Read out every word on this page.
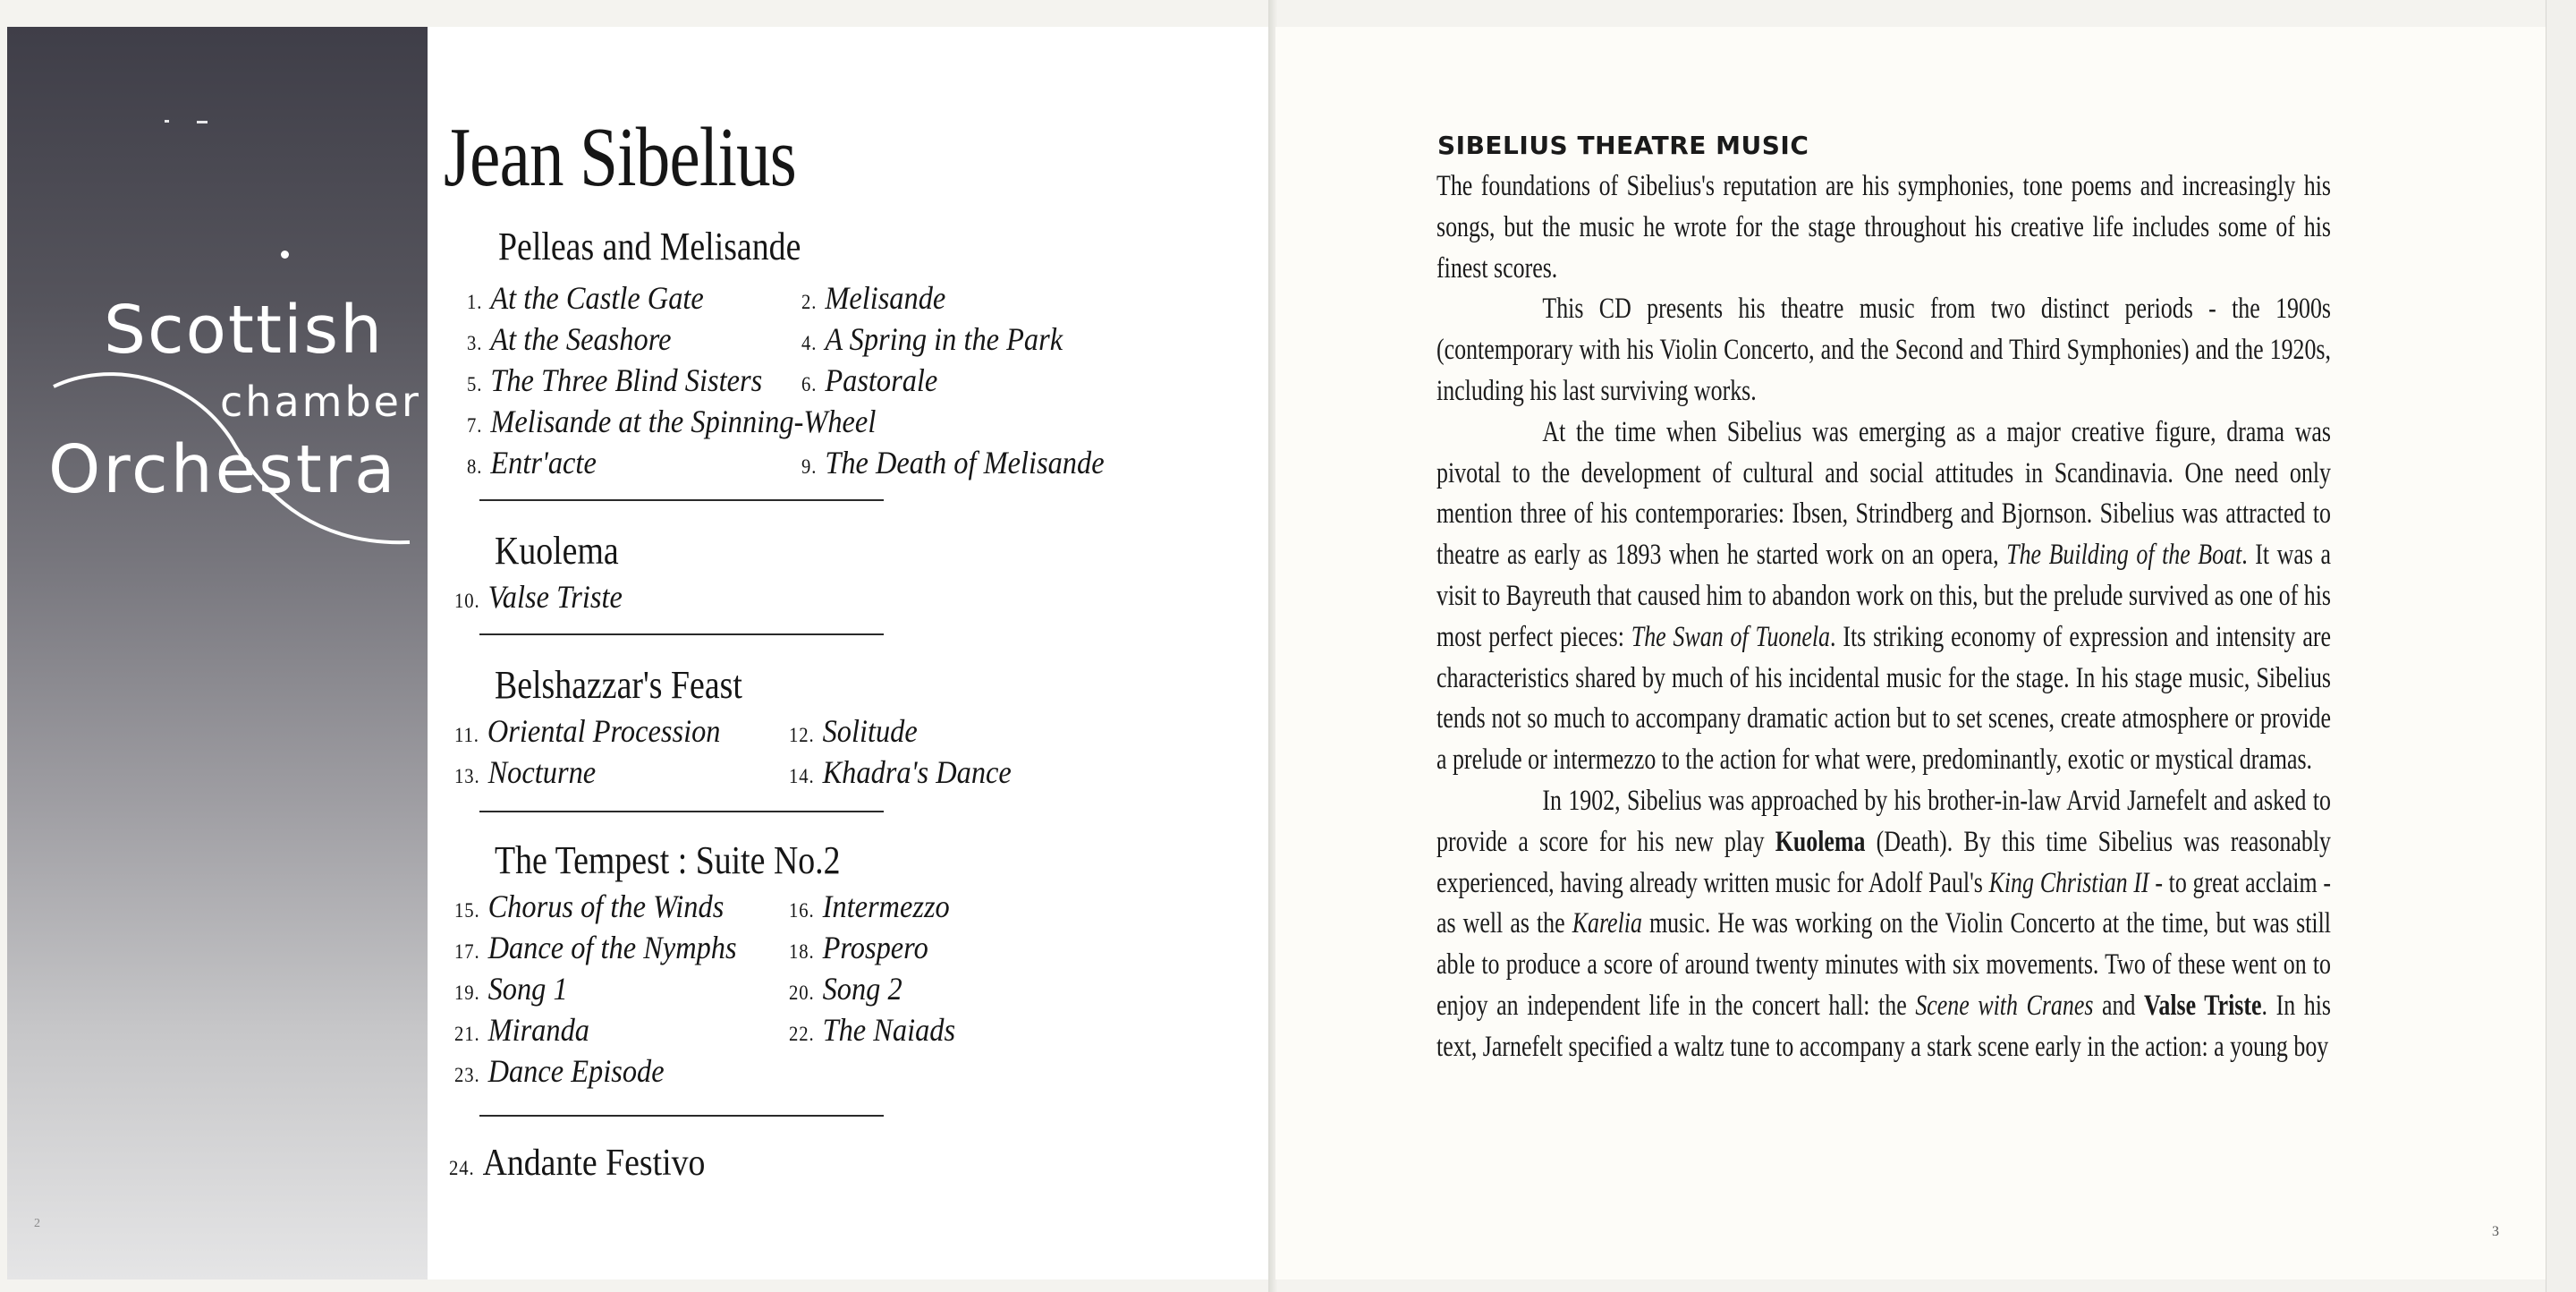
Scottish
chamber
Orchestra
2
Jean Sibelius
Pelleas and Melisande
1. At the Castle Gate	2. Melisande
3. At the Seashore	4. A Spring in the Park
5. The Three Blind Sisters 6. Pastorale
7. Melisande at the Spinning-Wheel
8. Entr'acte	9. The Death of Melisande
Kuolema
10. Valse Triste
Belshazzar's Feast
11. Oriental Procession	12. Solitude
13. Nocturne	14. Khadra's Dance
The Tempest : Suite No.2
15. Chorus of the Winds	16. Intermezzo
17. Dance of the Nymphs	18. Prospero
19. Song 1	20. Song 2
21. Miranda	22. The Naiads
23. Dance Episode
24. Andante Festivo
SIBELIUS THEATRE MUSIC

The foundations of Sibelius's reputation are his symphonies, tone poems and increasingly his songs, but the music he wrote for the stage throughout his creative life includes some of his finest scores.

This CD presents his theatre music from two distinct periods - the 1900s (contemporary with his Violin Concerto, and the Second and Third Symphonies) and the 1920s, including his last surviving works.

At the time when Sibelius was emerging as a major creative figure, drama was pivotal to the development of cultural and social attitudes in Scandinavia. One need only mention three of his contemporaries: Ibsen, Strindberg and Bjornson. Sibelius was attracted to theatre as early as 1893 when he started work on an opera, The Building of the Boat. It was a visit to Bayreuth that caused him to abandon work on this, but the prelude survived as one of his most perfect pieces: The Swan of Tuonela. Its striking economy of expression and intensity are characteristics shared by much of his incidental music for the stage. In his stage music, Sibelius tends not so much to accompany dramatic action but to set scenes, create atmosphere or provide a prelude or intermezzo to the action for what were, predominantly, exotic or mystical dramas.

In 1902, Sibelius was approached by his brother-in-law Arvid Jarnefelt and asked to provide a score for his new play Kuolema (Death). By this time Sibelius was reasonably experienced, having already written music for Adolf Paul's King Christian II - to great acclaim - as well as the Karelia music. He was working on the Violin Concerto at the time, but was still able to produce a score of around twenty minutes with six movements. Two of these went on to enjoy an independent life in the concert hall: the Scene with Cranes and Valse Triste. In his text, Jarnefelt specified a waltz tune to accompany a stark scene early in the action: a young boy

3
